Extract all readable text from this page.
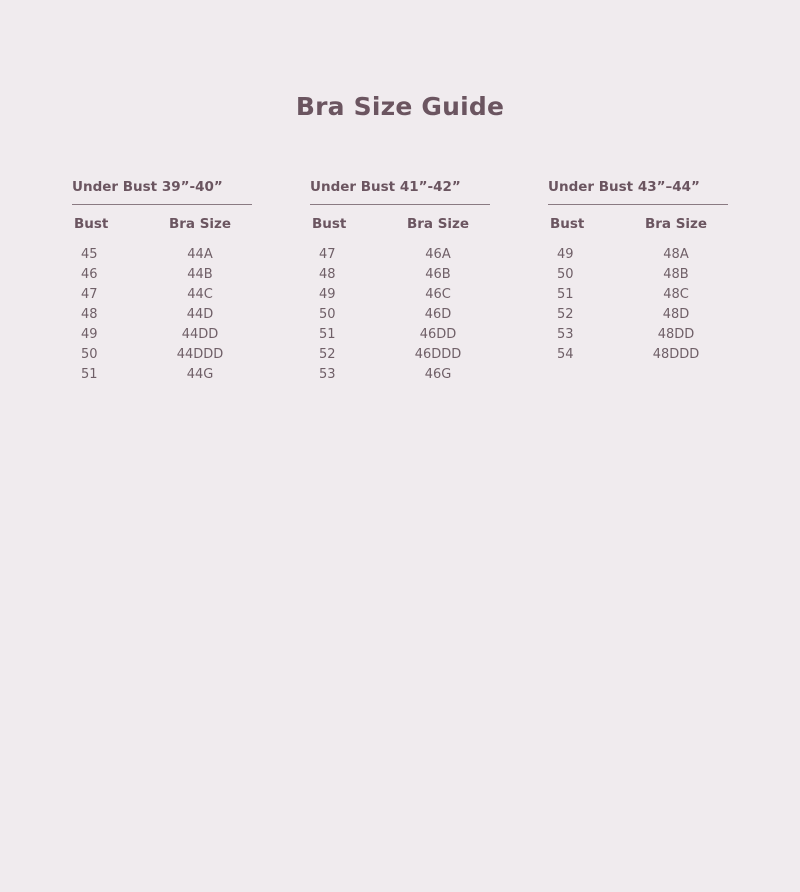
Bra Size Guide
Under Bust 39”-40”
Bust	Bra Size
45	44A
46	44B
47	44C
48	44D
49	44DD
50	44DDD
51	44G
Under Bust 41”-42”
Bust	Bra Size
47	46A
48	46B
49	46C
50	46D
51	46DD
52	46DDD
53	46G
Under Bust 43”–44”
Bust	Bra Size
49	48A
50	48B
51	48C
52	48D
53	48DD
54	48DDD
